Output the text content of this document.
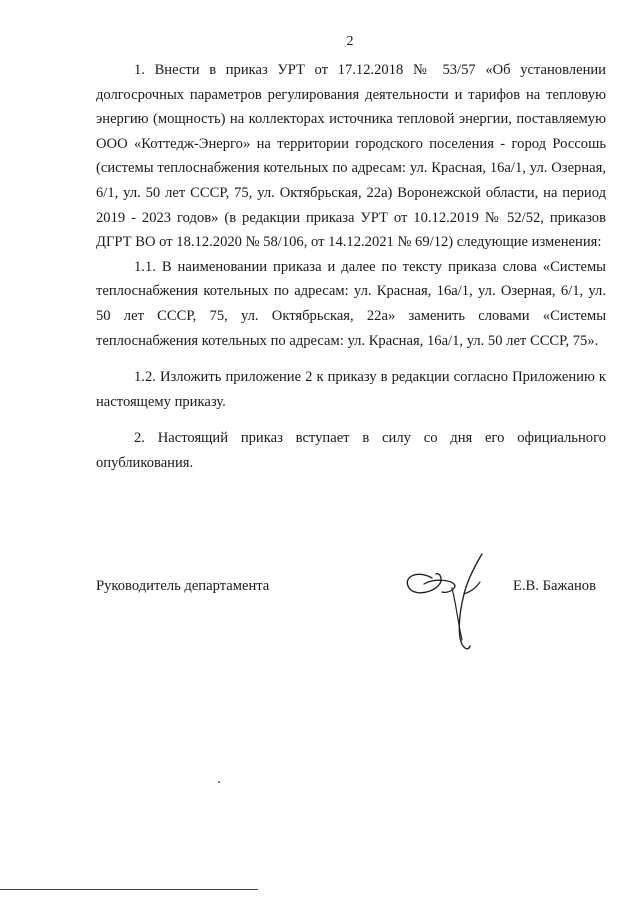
2

1. Внести в приказ УРТ от 17.12.2018 № 53/57 «Об установлении долгосрочных параметров регулирования деятельности и тарифов на тепловую энергию (мощность) на коллекторах источника тепловой энергии, поставляемую ООО «Коттедж-Энерго» на территории городского поселения - город Россошь (системы теплоснабжения котельных по адресам: ул. Красная, 16а/1, ул. Озерная, 6/1, ул. 50 лет СССР, 75, ул. Октябрьская, 22а) Воронежской области, на период 2019 - 2023 годов» (в редакции приказа УРТ от 10.12.2019 № 52/52, приказов ДГРТ ВО от 18.12.2020 № 58/106, от 14.12.2021 № 69/12) следующие изменения:

1.1. В наименовании приказа и далее по тексту приказа слова «Системы теплоснабжения котельных по адресам: ул. Красная, 16а/1, ул. Озерная, 6/1, ул. 50 лет СССР, 75, ул. Октябрьская, 22а» заменить словами «Системы теплоснабжения котельных по адресам: ул. Красная, 16а/1, ул. 50 лет СССР, 75».

1.2. Изложить приложение 2 к приказу в редакции согласно Приложению к настоящему приказу.

2. Настоящий приказ вступает в силу со дня его официального опубликования.

Руководитель департамента	Е.В. Бажанов
